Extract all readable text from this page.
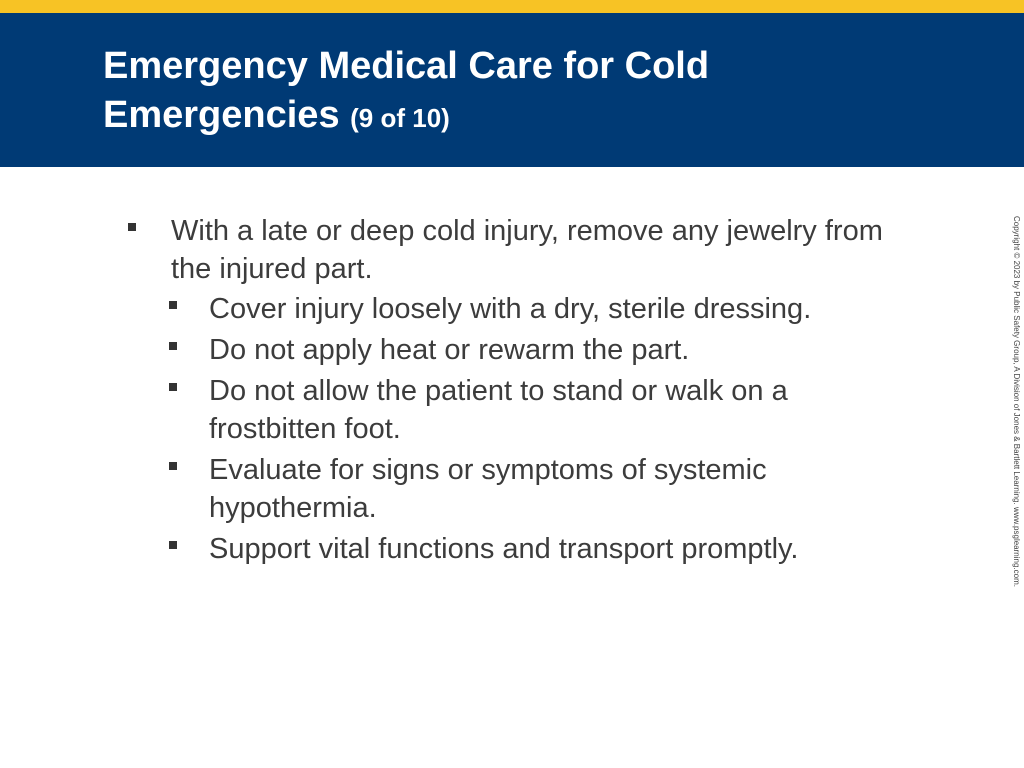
Emergency Medical Care for Cold Emergencies (9 of 10)
With a late or deep cold injury, remove any jewelry from the injured part.
Cover injury loosely with a dry, sterile dressing.
Do not apply heat or rewarm the part.
Do not allow the patient to stand or walk on a frostbitten foot.
Evaluate for signs or symptoms of systemic hypothermia.
Support vital functions and transport promptly.	Copyright © 2023 by Public Safety Group, A Division of Jones & Bartlett Learning. www.psglearning.com.
